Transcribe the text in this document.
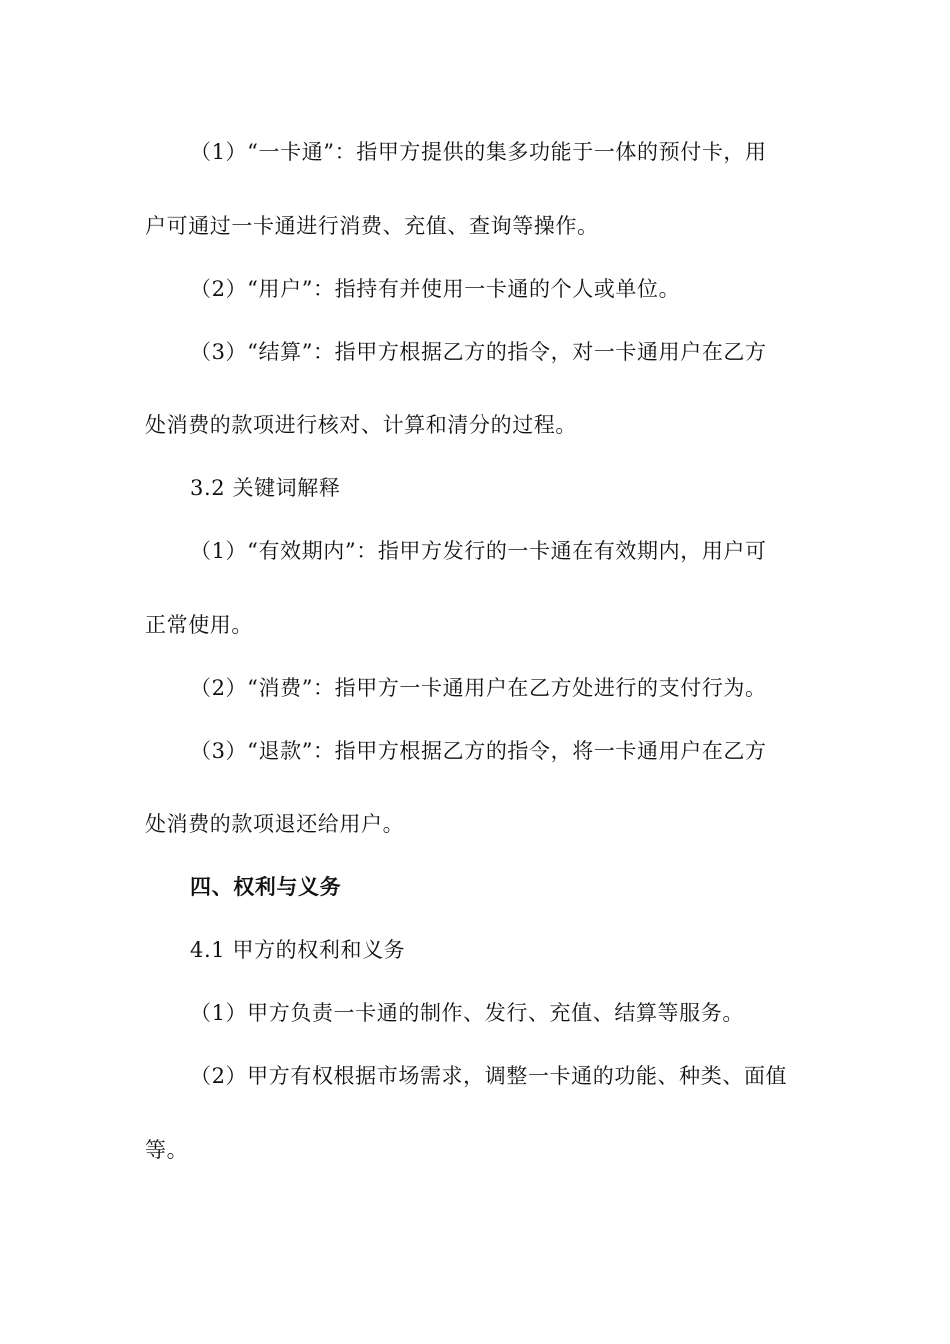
（1）“一卡通”：指甲方提供的集多功能于一体的预付卡，用
户可通过一卡通进行消费、充值、查询等操作。
（2）“用户”：指持有并使用一卡通的个人或单位。
（3）“结算”：指甲方根据乙方的指令，对一卡通用户在乙方
处消费的款项进行核对、计算和清分的过程。
3.2 关键词解释
（1）“有效期内”：指甲方发行的一卡通在有效期内，用户可
正常使用。
（2）“消费”：指甲方一卡通用户在乙方处进行的支付行为。
（3）“退款”：指甲方根据乙方的指令，将一卡通用户在乙方
处消费的款项退还给用户。
四、权利与义务
4.1 甲方的权利和义务
（1）甲方负责一卡通的制作、发行、充值、结算等服务。
（2）甲方有权根据市场需求，调整一卡通的功能、种类、面值
等。
